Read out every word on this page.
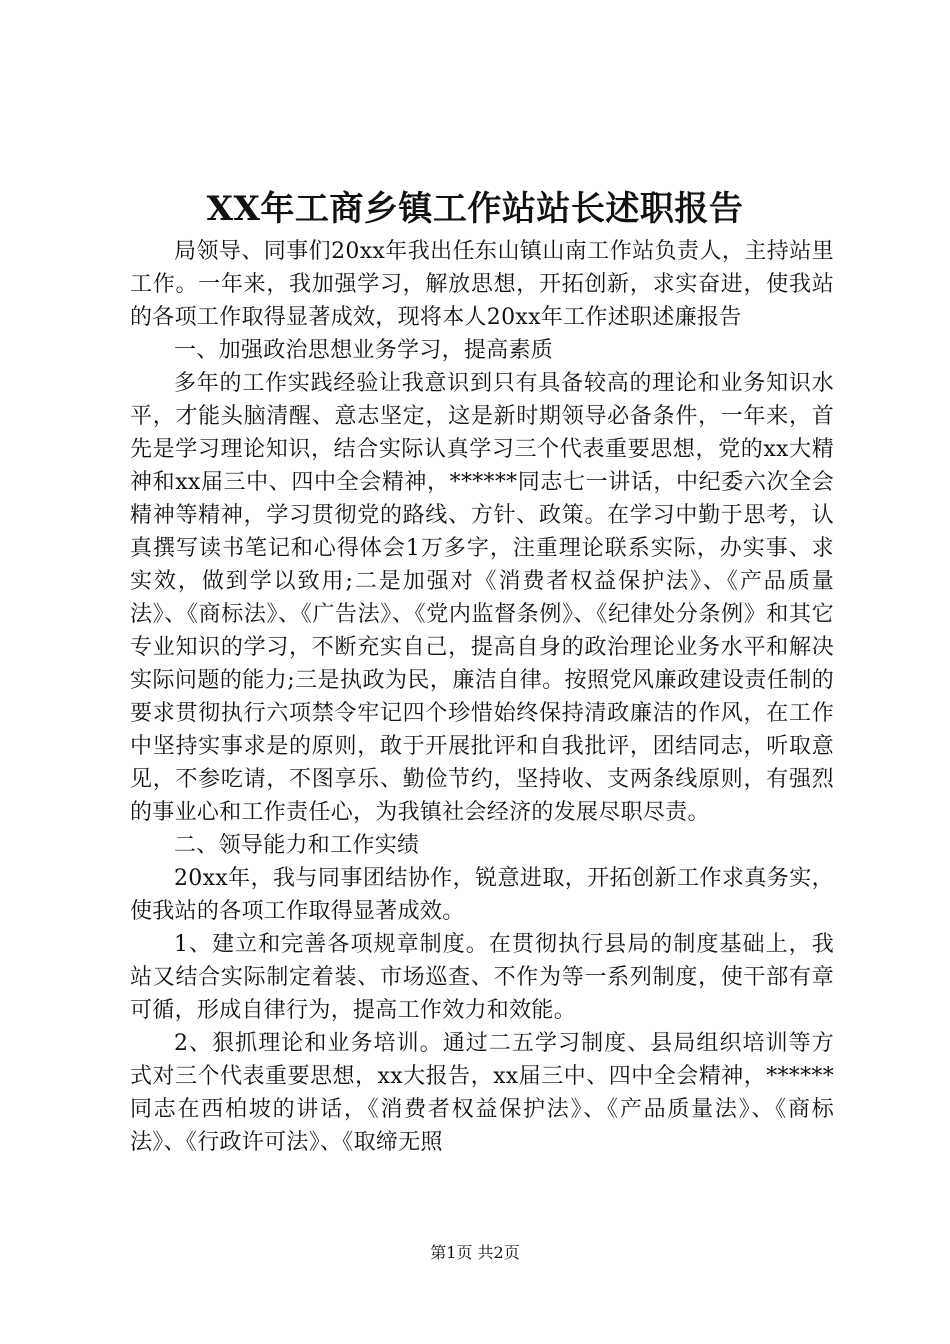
XX年工商乡镇工作站站长述职报告

局领导、同事们20xx年我出任东山镇山南工作站负责人，主持站里工作。一年来，我加强学习，解放思想，开拓创新，求实奋进，使我站的各项工作取得显著成效，现将本人20xx年工作述职述廉报告

一、加强政治思想业务学习，提高素质

多年的工作实践经验让我意识到只有具备较高的理论和业务知识水平，才能头脑清醒、意志坚定，这是新时期领导必备条件，一年来，首先是学习理论知识，结合实际认真学习三个代表重要思想，党的xx大精神和xx届三中、四中全会精神，******同志七一讲话，中纪委六次全会精神等精神，学习贯彻党的路线、方针、政策。在学习中勤于思考，认真撰写读书笔记和心得体会1万多字，注重理论联系实际，办实事、求实效，做到学以致用;二是加强对《消费者权益保护法》、《产品质量法》、《商标法》、《广告法》、《党内监督条例》、《纪律处分条例》和其它专业知识的学习，不断充实自己，提高自身的政治理论业务水平和解决实际问题的能力;三是执政为民，廉洁自律。按照党风廉政建设责任制的要求贯彻执行六项禁令牢记四个珍惜始终保持清政廉洁的作风，在工作中坚持实事求是的原则，敢于开展批评和自我批评，团结同志，听取意见，不参吃请，不图享乐、勤俭节约，坚持收、支两条线原则，有强烈的事业心和工作责任心，为我镇社会经济的发展尽职尽责。

二、领导能力和工作实绩

20xx年，我与同事团结协作，锐意进取，开拓创新工作求真务实，使我站的各项工作取得显著成效。

1、建立和完善各项规章制度。在贯彻执行县局的制度基础上，我站又结合实际制定着装、市场巡查、不作为等一系列制度，使干部有章可循，形成自律行为，提高工作效力和效能。

2、狠抓理论和业务培训。通过二五学习制度、县局组织培训等方式对三个代表重要思想，xx大报告，xx届三中、四中全会精神，******同志在西柏坡的讲话，《消费者权益保护法》、《产品质量法》、《商标法》、《行政许可法》、《取缔无照

第1页 共2页
